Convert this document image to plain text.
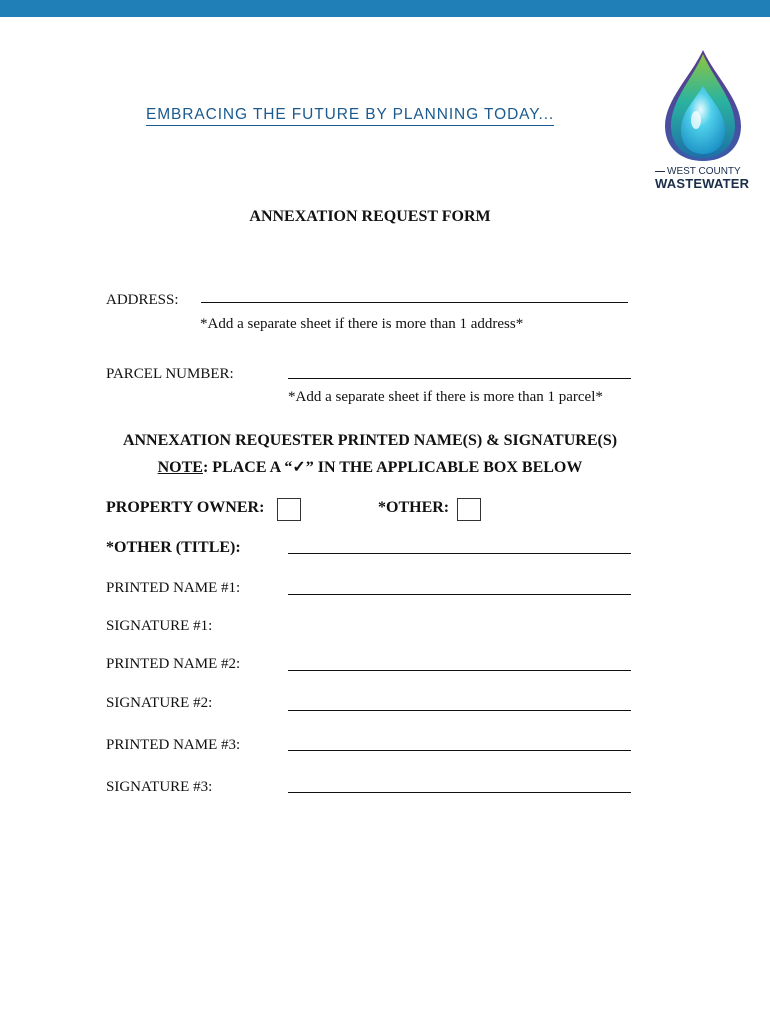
EMBRACING THE FUTURE BY PLANNING TODAY...
WEST COUNTY
WASTEWATER
ANNEXATION REQUEST FORM
ADDRESS:
*Add a separate sheet if there is more than 1 address*
PARCEL NUMBER:
*Add a separate sheet if there is more than 1 parcel*
ANNEXATION REQUESTER PRINTED NAME(S) & SIGNATURE(S)
NOTE: PLACE A “✓” IN THE APPLICABLE BOX BELOW
PROPERTY OWNER:	*OTHER:
*OTHER (TITLE):
PRINTED NAME #1:
SIGNATURE #1:
PRINTED NAME #2:
SIGNATURE #2:
PRINTED NAME #3:
SIGNATURE #3:
